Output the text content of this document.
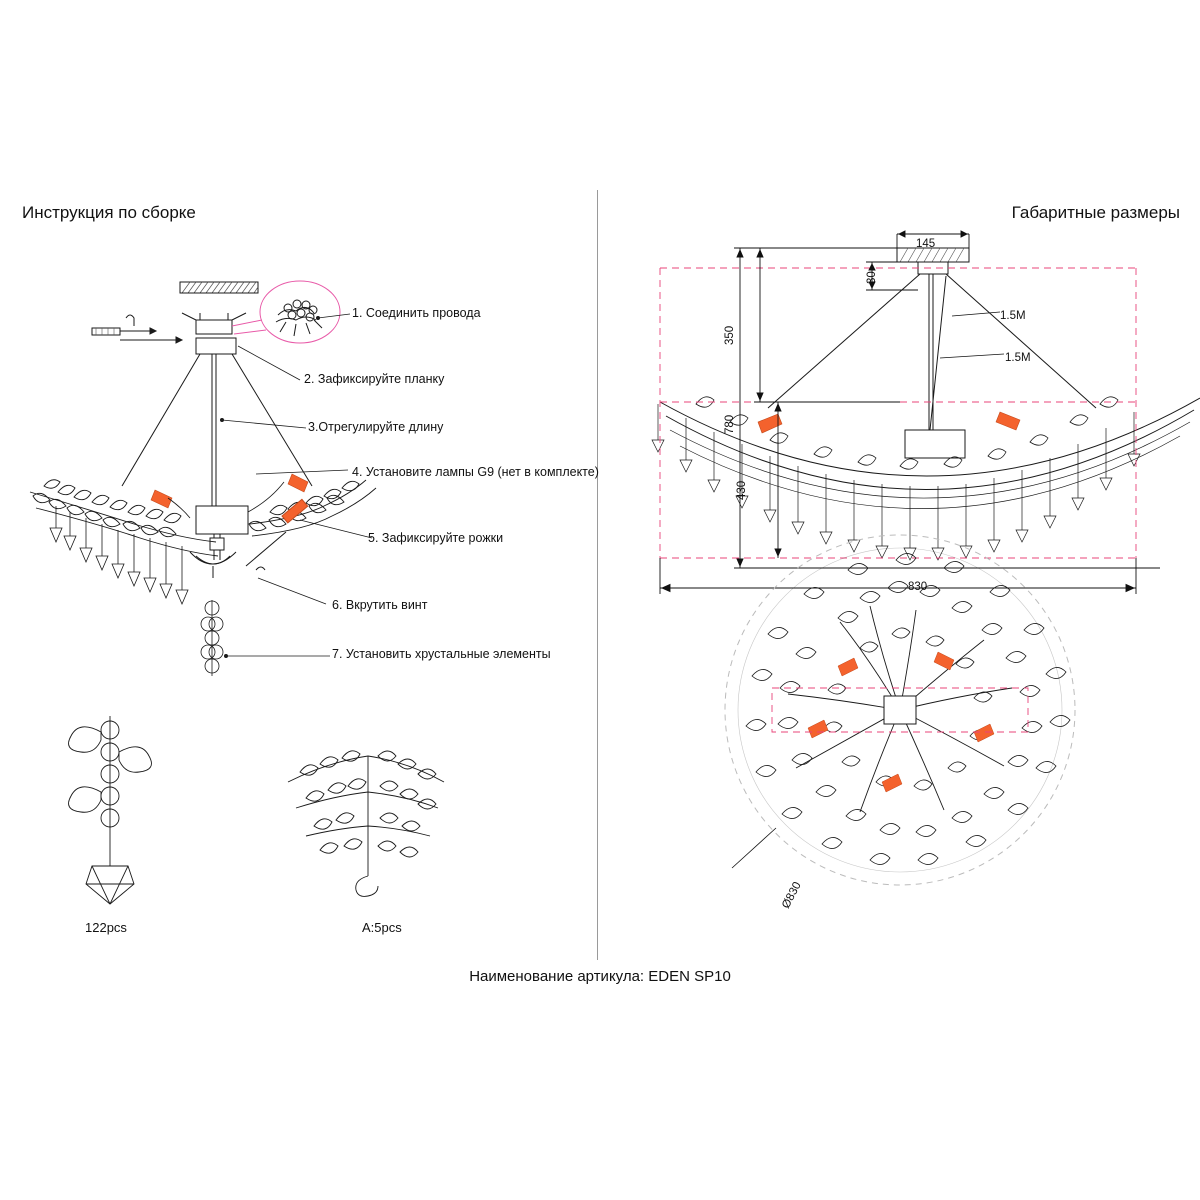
Инструкция по сборке	Габаритные размеры
1. Соединить провода
2. Зафиксируйте планку
3.Отрегулируйте длину
4. Установите лампы G9 (нет в комплекте)
5. Зафиксируйте рожки
6. Вкрутить винт
7. Установить хрустальные элементы
122pcs	A:5pcs
145
30
350
780
430
830
1.5M
1.5M
Ø830
Наименование артикула: EDEN SP10
